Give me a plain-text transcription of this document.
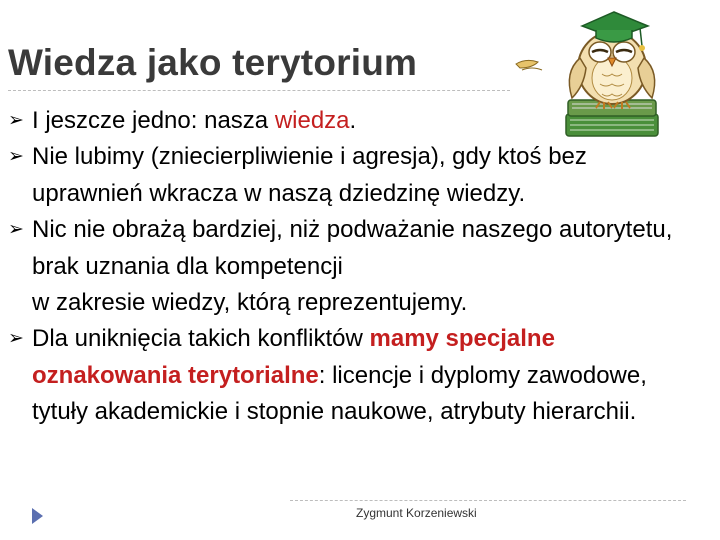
Wiedza jako terytorium
➢ I jeszcze jedno: nasza wiedza.
➢ Nie lubimy (zniecierpliwienie i agresja), gdy ktoś bez uprawnień wkracza w naszą dziedzinę wiedzy.
➢ Nic nie obrażą bardziej, niż podważanie naszego autorytetu, brak uznania dla kompetencji
w zakresie wiedzy, którą reprezentujemy.
➢ Dla uniknięcia takich konfliktów mamy specjalne oznakowania terytorialne: licencje i dyplomy zawodowe, tytuły akademickie i stopnie naukowe, atrybuty hierarchii.
Zygmunt Korzeniewski
